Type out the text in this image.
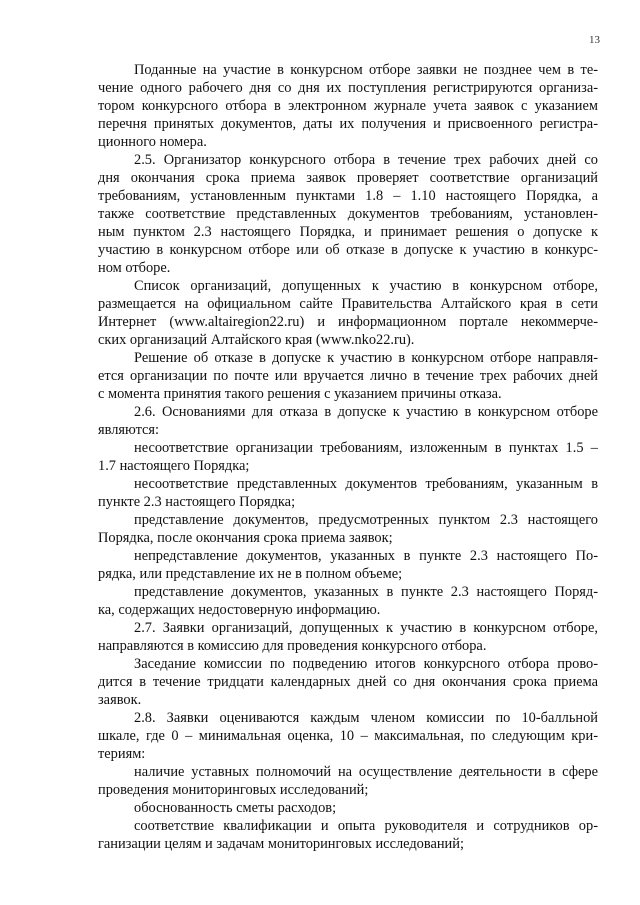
13
Поданные на участие в конкурсном отборе заявки не позднее чем в те-
чение одного рабочего дня со дня их поступления регистрируются организа-
тором конкурсного отбора в электронном журнале учета заявок с указанием
перечня принятых документов, даты их получения и присвоенного регистра-
ционного номера.
2.5. Организатор конкурсного отбора в течение трех рабочих дней со
дня окончания срока приема заявок проверяет соответствие организаций
требованиям, установленным пунктами 1.8 – 1.10 настоящего Порядка, а
также соответствие представленных документов требованиям, установлен-
ным пунктом 2.3 настоящего Порядка, и принимает решения о допуске к
участию в конкурсном отборе или об отказе в допуске к участию в конкурс-
ном отборе.
Список организаций, допущенных к участию в конкурсном отборе,
размещается на официальном сайте Правительства Алтайского края в сети
Интернет (www.altairegion22.ru) и информационном портале некоммерче-
ских организаций Алтайского края (www.nko22.ru).
Решение об отказе в допуске к участию в конкурсном отборе направля-
ется организации по почте или вручается лично в течение трех рабочих дней
с момента принятия такого решения с указанием причины отказа.
2.6. Основаниями для отказа в допуске к участию в конкурсном отборе
являются:
несоответствие организации требованиям, изложенным в пунктах 1.5 –
1.7 настоящего Порядка;
несоответствие представленных документов требованиям, указанным в
пункте 2.3 настоящего Порядка;
представление документов, предусмотренных пунктом 2.3 настоящего
Порядка, после окончания срока приема заявок;
непредставление документов, указанных в пункте 2.3 настоящего По-
рядка, или представление их не в полном объеме;
представление документов, указанных в пункте 2.3 настоящего Поряд-
ка, содержащих недостоверную информацию.
2.7. Заявки организаций, допущенных к участию в конкурсном отборе,
направляются в комиссию для проведения конкурсного отбора.
Заседание комиссии по подведению итогов конкурсного отбора прово-
дится в течение тридцати календарных дней со дня окончания срока приема
заявок.
2.8. Заявки оцениваются каждым членом комиссии по 10-балльной
шкале, где 0 – минимальная оценка, 10 – максимальная, по следующим кри-
териям:
наличие уставных полномочий на осуществление деятельности в сфере
проведения мониторинговых исследований;
обоснованность сметы расходов;
соответствие квалификации и опыта руководителя и сотрудников ор-
ганизации целям и задачам мониторинговых исследований;
